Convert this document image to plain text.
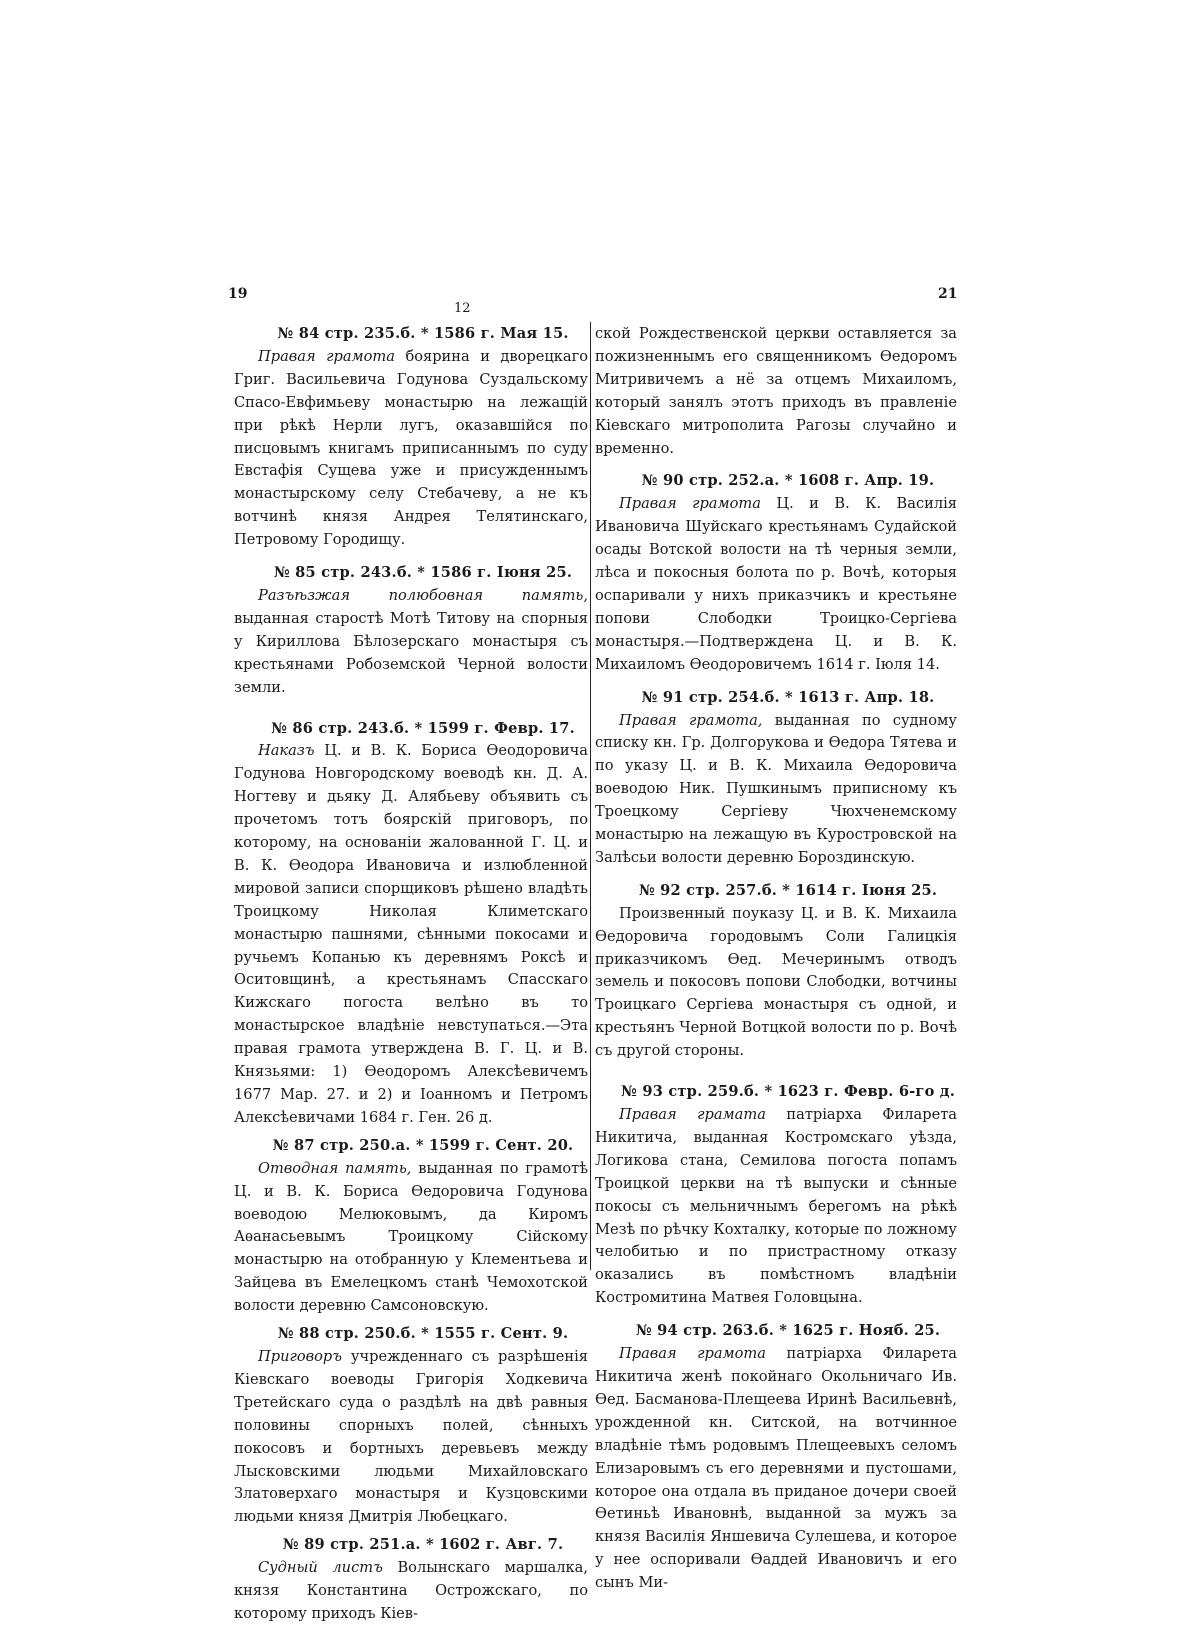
19	21
12

№ 84 стр. 235.б. * 1586 г. Мая 15.

Правая грамота боярина и дворецкаго Григ. Васильевича Годунова Суздальскому Спасо-Евфимьеву монастырю на лежащій при рѣкѣ Нерли лугъ, оказавшійся по писцовымъ книгамъ приписаннымъ по суду Евстафія Сущева уже и присужденнымъ монастырскому селу Стебачеву, а не къ вотчинѣ князя Андрея Телятинскаго, Петровому Городищу.

№ 85 стр. 243.б. * 1586 г. Іюня 25.

Разъѣзжая полюбовная память, выданная старостѣ Мотѣ Титову на спорныя у Кириллова Бѣлозерскаго монастыря съ крестьянами Робоземской Черной волости земли.

№ 86 стр. 243.б. * 1599 г. Февр. 17.

Наказъ Ц. и В. К. Бориса Ѳеодоровича Годунова Новгородскому воеводѣ кн. Д. А. Ногтеву и дьяку Д. Алябьеву объявить съ прочетомъ тотъ боярскій приговоръ, по которому, на основаніи жалованной Г. Ц. и В. К. Ѳеодора Ивановича и излюбленной мировой записи спорщиковъ рѣшено владѣть Троицкому Николая Климетскаго монастырю пашнями, сѣнными покосами и ручьемъ Копанью къ деревнямъ Роксѣ и Оситовщинѣ, а крестьянамъ Спасскаго Кижскаго погоста велѣно въ то монастырское владѣніе невступаться.—Эта правая грамота утверждена В. Г. Ц. и В. Князьями: 1) Ѳеодоромъ Алексѣевичемъ 1677 Мар. 27. и 2) и Іоанномъ и Петромъ Алексѣевичами 1684 г. Ген. 26 д.

№ 87 стр. 250.а. * 1599 г. Сент. 20.

Отводная память, выданная по грамотѣ Ц. и В. К. Бориса Ѳедоровича Годунова воеводою Мелюковымъ, да Киромъ Аѳанасьевымъ Троицкому Сійскому монастырю на отобранную у Клементьева и Зайцева въ Емелецкомъ станѣ Чемохотской волости деревню Самсоновскую.

№ 88 стр. 250.б. * 1555 г. Сент. 9.

Приговоръ учрежденнаго съ разрѣшенія Кіевскаго воеводы Григорія Ходкевича Третейскаго суда о раздѣлѣ на двѣ равныя половины спорныхъ полей, сѣнныхъ покосовъ и бортныхъ деревьевъ между Лысковскими людьми Михайловскаго Златоверхаго монастыря и Кузцовскими людьми князя Дмитрія Любецкаго.

№ 89 стр. 251.а. * 1602 г. Авг. 7.

Судный листъ Волынскаго маршалка, князя Константина Острожскаго, по которому приходъ Кіев-

ской Рождественской церкви оставляется за пожизненнымъ его священникомъ Ѳедоромъ Митривичемъ а нё за отцемъ Михаиломъ, который занялъ этотъ приходъ въ правленіе Кіевскаго митрополита Рагозы случайно и временно.

№ 90 стр. 252.а. * 1608 г. Апр. 19.

Правая грамота Ц. и В. К. Василія Ивановича Шуйскаго крестьянамъ Судайской осады Вотской волости на тѣ черныя земли, лѣса и покосныя болота по р. Вочѣ, которыя оспаривали у нихъ приказчикъ и крестьяне попови Слободки Троицко-Сергіева монастыря.—Подтверждена Ц. и В. К. Михаиломъ Ѳеодоровичемъ 1614 г. Іюля 14.

№ 91 стр. 254.б. * 1613 г. Апр. 18.

Правая грамота, выданная по судному списку кн. Гр. Долгорукова и Ѳедора Тятева и по указу Ц. и В. К. Михаила Ѳедоровича воеводою Ник. Пушкинымъ приписному къ Троецкому Сергіеву Чюхченемскому монастырю на лежащую въ Куростровской на Залѣсьи волости деревню Бороздинскую.

№ 92 стр. 257.б. * 1614 г. Іюня 25.

Произвенный поуказу Ц. и В. К. Михаила Ѳедоровича городовымъ Соли Галицкія приказчикомъ Ѳед. Мечеринымъ отводъ земель и покосовъ попови Слободки, вотчины Троицкаго Сергіева монастыря съ одной, и крестьянъ Черной Вотцкой волости по р. Вочѣ съ другой стороны.

№ 93 стр. 259.б. * 1623 г. Февр. 6-го д.

Правая грамата патріарха Филарета Никитича, выданная Костромскаго уѣзда, Логикова стана, Семилова погоста попамъ Троицкой церкви на тѣ выпуски и сѣнные покосы съ мельничнымъ берегомъ на рѣкѣ Мезѣ по рѣчку Кохталку, которые по ложному челобитью и по пристрастному отказу оказались въ помѣстномъ владѣніи Костромитина Матвея Головцына.

№ 94 стр. 263.б. * 1625 г. Нояб. 25.

Правая грамота патріарха Филарета Никитича женѣ покойнаго Окольничаго Ив. Ѳед. Басманова-Плещеева Иринѣ Васильевнѣ, урожденной кн. Ситской, на вотчинное владѣніе тѣмъ родовымъ Плещеевыхъ селомъ Елизаровымъ съ его деревнями и пустошами, которое она отдала въ приданое дочери своей Ѳетиньѣ Ивановнѣ, выданной за мужъ за князя Василія Яншевича Сулешева, и которое у нее оспоривали Ѳаддей Ивановичъ и его сынъ Ми-
